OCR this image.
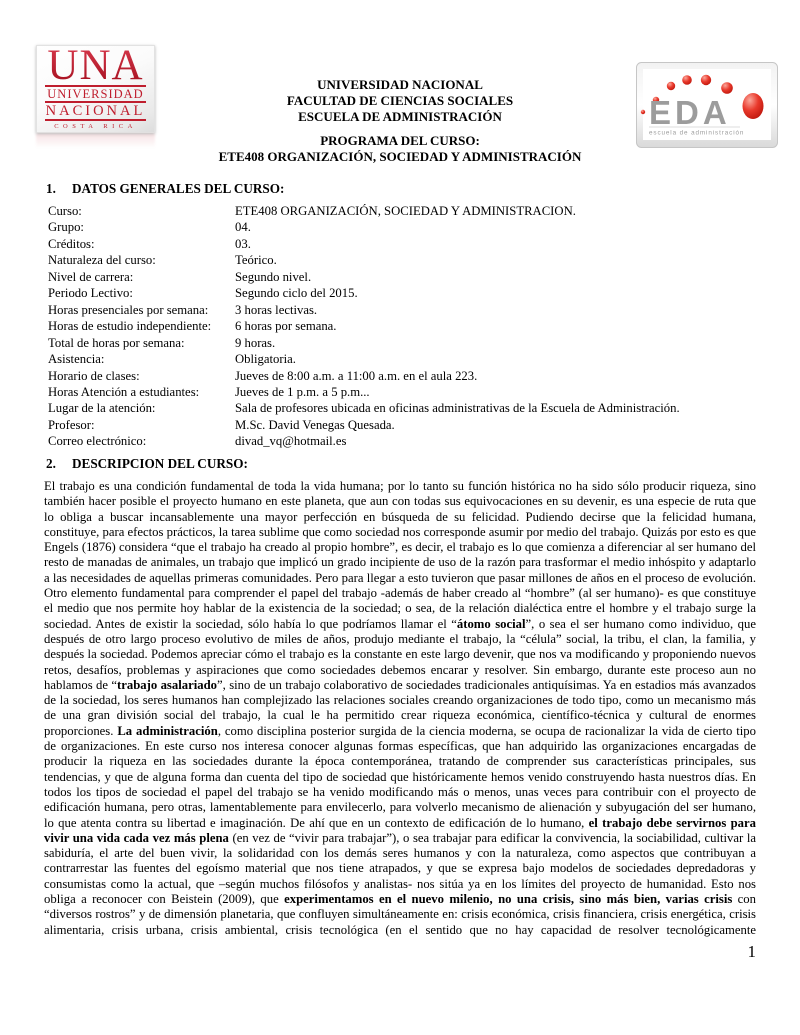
UNA
UNIVERSIDAD
NACIONAL
COSTA RICA	EDA
escuela de administración
UNIVERSIDAD NACIONAL
FACULTAD DE CIENCIAS SOCIALES
ESCUELA DE ADMINISTRACIÓN
PROGRAMA DEL CURSO:
ETE408 ORGANIZACIÓN, SOCIEDAD Y ADMINISTRACIÓN
1.	DATOS GENERALES DEL CURSO:
Curso:	ETE408 ORGANIZACIÓN, SOCIEDAD Y ADMINISTRACION.
Grupo:	04.
Créditos:	03.
Naturaleza del curso:	Teórico.
Nivel de carrera:	Segundo nivel.
Periodo Lectivo:	Segundo ciclo del 2015.
Horas presenciales por semana:	3 horas lectivas.
Horas de estudio independiente:	6 horas por semana.
Total de horas por semana:	9 horas.
Asistencia:	Obligatoria.
Horario de clases:	Jueves de 8:00 a.m. a 11:00 a.m. en el aula 223.
Horas Atención a estudiantes:	Jueves de 1 p.m. a 5 p.m...
Lugar de la atención:	Sala de profesores ubicada en oficinas administrativas de la Escuela de Administración.
Profesor:	M.Sc. David Venegas Quesada.
Correo electrónico:	divad_vq@hotmail.es
2.	DESCRIPCION DEL CURSO:

El trabajo es una condición fundamental de toda la vida humana; por lo tanto su función histórica no ha sido sólo producir riqueza, sino también hacer posible el proyecto humano en este planeta, que aun con todas sus equivocaciones en su devenir, es una especie de ruta que lo obliga a buscar incansablemente una mayor perfección en búsqueda de su felicidad. Pudiendo decirse que la felicidad humana, constituye, para efectos prácticos, la tarea sublime que como sociedad nos corresponde asumir por medio del trabajo. Quizás por esto es que Engels (1876) considera “que el trabajo ha creado al propio hombre”, es decir, el trabajo es lo que comienza a diferenciar al ser humano del resto de manadas de animales, un trabajo que implicó un grado incipiente de uso de la razón para trasformar el medio inhóspito y adaptarlo a las necesidades de aquellas primeras comunidades. Pero para llegar a esto tuvieron que pasar millones de años en el proceso de evolución. Otro elemento fundamental para comprender el papel del trabajo -además de haber creado al “hombre” (al ser humano)- es que constituye el medio que nos permite hoy hablar de la existencia de la sociedad; o sea, de la relación dialéctica entre el hombre y el trabajo surge la sociedad. Antes de existir la sociedad, sólo había lo que podríamos llamar el “átomo social”, o sea el ser humano como individuo, que después de otro largo proceso evolutivo de miles de años, produjo mediante el trabajo, la “célula” social, la tribu, el clan, la familia, y después la sociedad. Podemos apreciar cómo el trabajo es la constante en este largo devenir, que nos va modificando y proponiendo nuevos retos, desafíos, problemas y aspiraciones que como sociedades debemos encarar y resolver. Sin embargo, durante este proceso aun no hablamos de “trabajo asalariado”, sino de un trabajo colaborativo de sociedades tradicionales antiquísimas. Ya en estadios más avanzados de la sociedad, los seres humanos han complejizado las relaciones sociales creando organizaciones de todo tipo, como un mecanismo más de una gran división social del trabajo, la cual le ha permitido crear riqueza económica, científico-técnica y cultural de enormes proporciones. La administración, como disciplina posterior surgida de la ciencia moderna, se ocupa de racionalizar la vida de cierto tipo de organizaciones. En este curso nos interesa conocer algunas formas específicas, que han adquirido las organizaciones encargadas de producir la riqueza en las sociedades durante la época contemporánea, tratando de comprender sus características principales, sus tendencias, y que de alguna forma dan cuenta del tipo de sociedad que históricamente hemos venido construyendo hasta nuestros días. En todos los tipos de sociedad el papel del trabajo se ha venido modificando más o menos, unas veces para contribuir con el proyecto de edificación humana, pero otras, lamentablemente para envilecerlo, para volverlo mecanismo de alienación y subyugación del ser humano, lo que atenta contra su libertad e imaginación. De ahí que en un contexto de edificación de lo humano, el trabajo debe servirnos para vivir una vida cada vez más plena (en vez de “vivir para trabajar”), o sea trabajar para edificar la convivencia, la sociabilidad, cultivar la sabiduría, el arte del buen vivir, la solidaridad con los demás seres humanos y con la naturaleza, como aspectos que contribuyan a contrarrestar las fuentes del egoísmo material que nos tiene atrapados, y que se expresa bajo modelos de sociedades depredadoras y consumistas como la actual, que –según muchos filósofos y analistas- nos sitúa ya en los límites del proyecto de humanidad. Esto nos obliga a reconocer con Beistein (2009), que experimentamos en el nuevo milenio, no una crisis, sino más bien, varias crisis con “diversos rostros” y de dimensión planetaria, que confluyen simultáneamente en: crisis económica, crisis financiera, crisis energética, crisis alimentaria, crisis urbana, crisis ambiental, crisis tecnológica (en el sentido que no hay capacidad de resolver tecnológicamente

1
